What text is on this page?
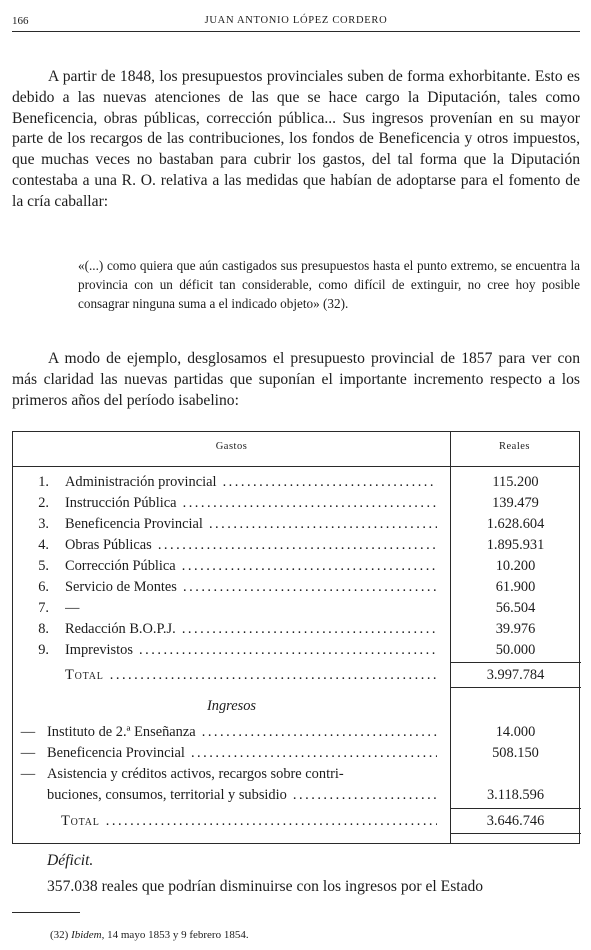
166	JUAN ANTONIO LÓPEZ CORDERO

A partir de 1848, los presupuestos provinciales suben de forma exhorbitante. Esto es debido a las nuevas atenciones de las que se hace cargo la Diputación, tales como Beneficencia, obras públicas, corrección pública... Sus ingresos provenían en su mayor parte de los recargos de las contribuciones, los fondos de Beneficencia y otros impuestos, que muchas veces no bastaban para cubrir los gastos, del tal forma que la Diputación contestaba a una R. O. relativa a las medidas que habían de adoptarse para el fomento de la cría caballar:

«(...) como quiera que aún castigados sus presupuestos hasta el punto extremo, se encuentra la provincia con un déficit tan considerable, como difícil de extinguir, no cree hoy posible consagrar ninguna suma a el indicado objeto» (32).

A modo de ejemplo, desglosamos el presupuesto provincial de 1857 para ver con más claridad las nuevas partidas que suponían el importante incremento respecto a los primeros años del período isabelino:

Gastos	Reales
1. Administración provincial .....	115.200
2. Instrucción Pública .....	139.479
3. Beneficencia Provincial .....	1.628.604
4. Obras Públicas .....	1.895.931
5. Corrección Pública .....	10.200
6. Servicio de Montes .....	61.900
7. —	56.504
8. Redacción B.O.P.J. .....	39.976
9. Imprevistos .....	50.000
Total .....	3.997.784
Ingresos
— Instituto de 2.ª Enseñanza .....	14.000
— Beneficencia Provincial .....	508.150
— Asistencia y créditos activos, recargos sobre contri-
buciones, consumos, territorial y subsidio .....	3.118.596
Total .....	3.646.746
Déficit.
357.038 reales que podrían disminuirse con los ingresos por el Estado
(32) Ibidem, 14 mayo 1853 y 9 febrero 1854.
